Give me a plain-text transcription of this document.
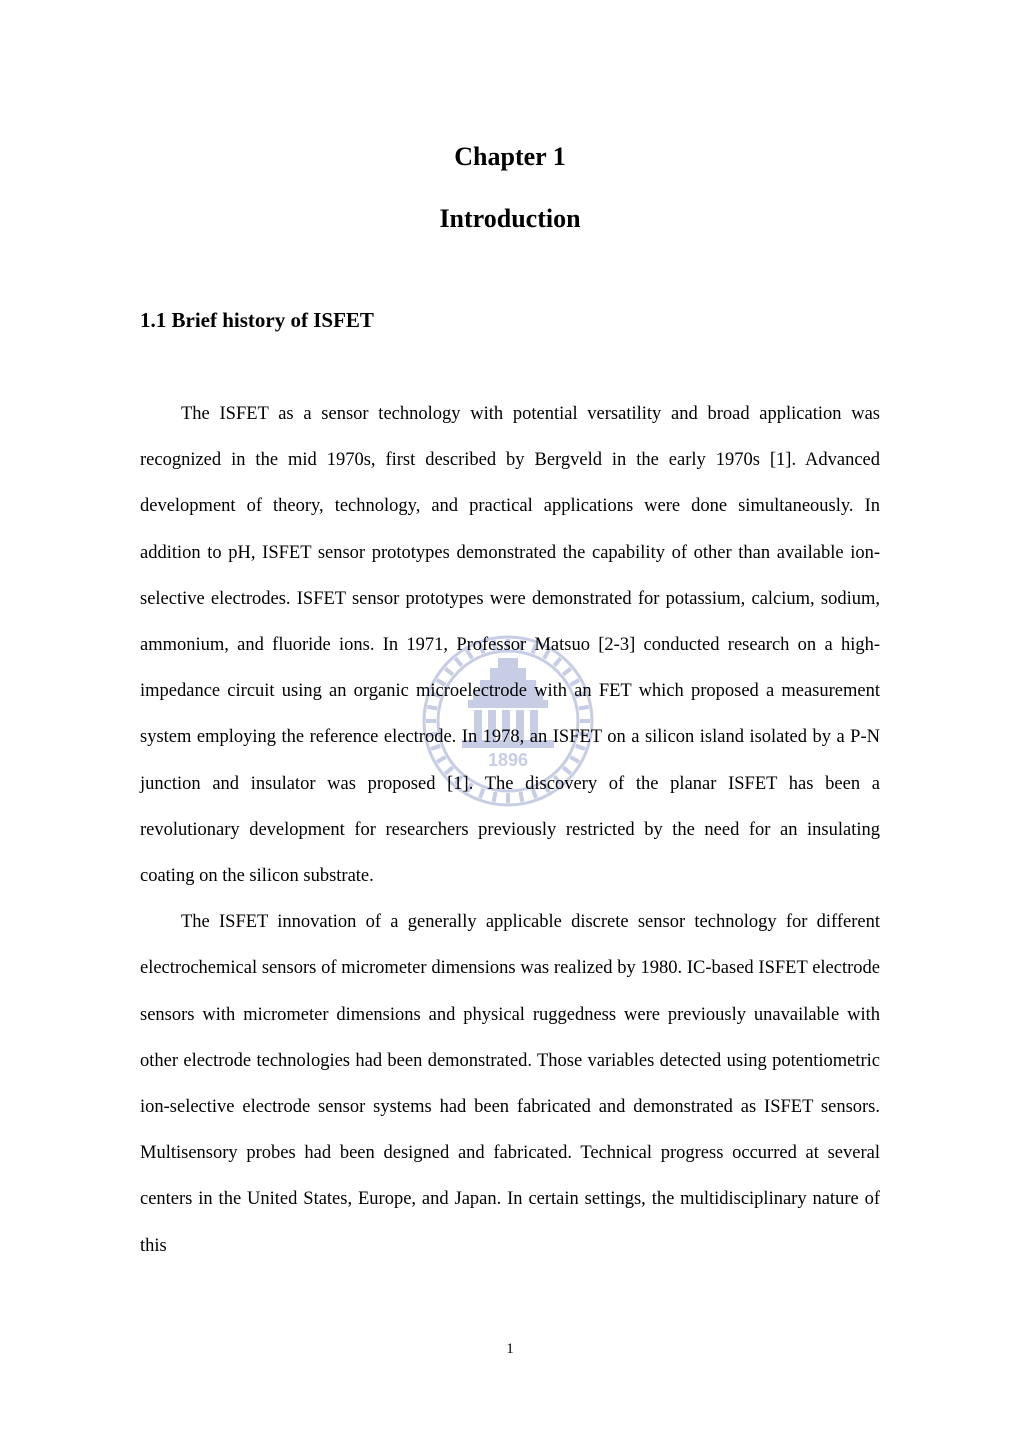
1896
Chapter 1
Introduction
1.1 Brief history of ISFET

The ISFET as a sensor technology with potential versatility and broad application was recognized in the mid 1970s, first described by Bergveld in the early 1970s [1]. Advanced development of theory, technology, and practical applications were done simultaneously. In addition to pH, ISFET sensor prototypes demonstrated the capability of other than available ion-selective electrodes. ISFET sensor prototypes were demonstrated for potassium, calcium, sodium, ammonium, and fluoride ions. In 1971, Professor Matsuo [2-3] conducted research on a high-impedance circuit using an organic microelectrode with an FET which proposed a measurement system employing the reference electrode. In 1978, an ISFET on a silicon island isolated by a P-N junction and insulator was proposed [1]. The discovery of the planar ISFET has been a revolutionary development for researchers previously restricted by the need for an insulating coating on the silicon substrate.

The ISFET innovation of a generally applicable discrete sensor technology for different electrochemical sensors of micrometer dimensions was realized by 1980. IC-based ISFET electrode sensors with micrometer dimensions and physical ruggedness were previously unavailable with other electrode technologies had been demonstrated. Those variables detected using potentiometric ion-selective electrode sensor systems had been fabricated and demonstrated as ISFET sensors. Multisensory probes had been designed and fabricated. Technical progress occurred at several centers in the United States, Europe, and Japan. In certain settings, the multidisciplinary nature of this

1
